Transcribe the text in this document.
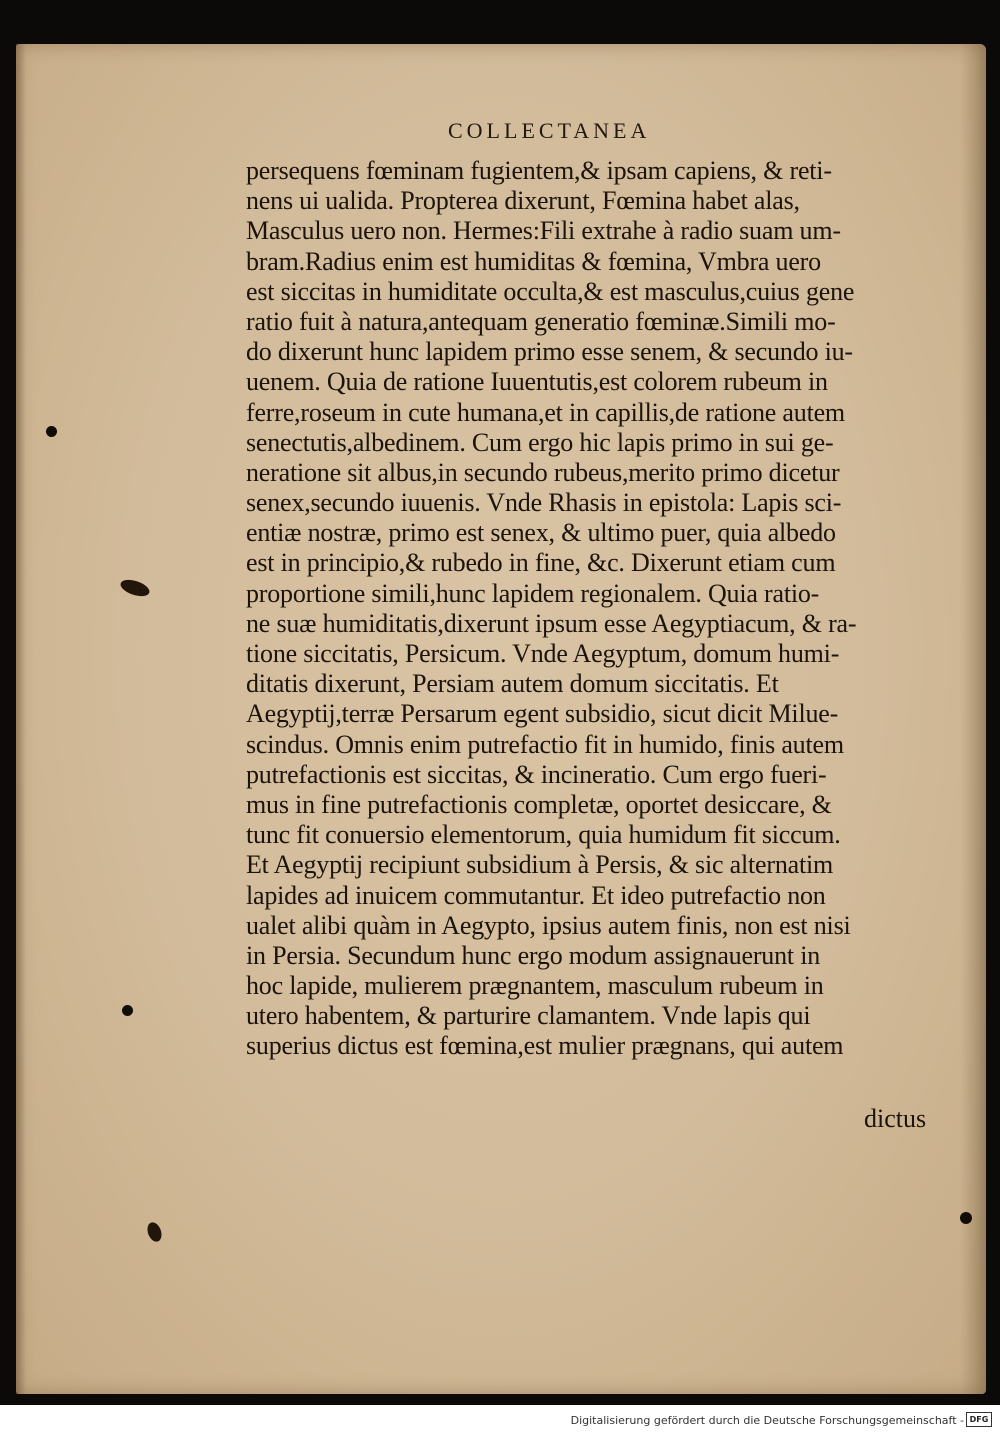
COLLECTANEA

persequens fœminam fugientem,& ipsam capiens, & reti-

nens ui ualida. Propterea dixerunt, Fœmina habet alas,

Masculus uero non. Hermes:Fili extrahe à radio suam um-

bram.Radius enim est humiditas & fœmina, Vmbra uero

est siccitas in humiditate occulta,& est masculus,cuius gene

ratio fuit à natura,antequam generatio fœminæ.Simili mo-

do dixerunt hunc lapidem primo esse senem, & secundo iu-

uenem. Quia de ratione Iuuentutis,est colorem rubeum in

ferre,roseum in cute humana,et in capillis,de ratione autem

senectutis,albedinem. Cum ergo hic lapis primo in sui ge-

neratione sit albus,in secundo rubeus,merito primo dicetur

senex,secundo iuuenis. Vnde Rhasis in epistola: Lapis sci-

entiæ nostræ, primo est senex, & ultimo puer, quia albedo

est in principio,& rubedo in fine, &c. Dixerunt etiam cum

proportione simili,hunc lapidem regionalem. Quia ratio-

ne suæ humiditatis,dixerunt ipsum esse Aegyptiacum, & ra-

tione siccitatis, Persicum. Vnde Aegyptum, domum humi-

ditatis dixerunt, Persiam autem domum siccitatis. Et

Aegyptij,terræ Persarum egent subsidio, sicut dicit Milue-

scindus. Omnis enim putrefactio fit in humido, finis autem

putrefactionis est siccitas, & incineratio. Cum ergo fueri-

mus in fine putrefactionis completæ, oportet desiccare, &

tunc fit conuersio elementorum, quia humidum fit siccum.

Et Aegyptij recipiunt subsidium à Persis, & sic alternatim

lapides ad inuicem commutantur. Et ideo putrefactio non

ualet alibi quàm in Aegypto, ipsius autem finis, non est nisi

in Persia. Secundum hunc ergo modum assignauerunt in

hoc lapide, mulierem prægnantem, masculum rubeum in

utero habentem, & parturire clamantem. Vnde lapis qui

superius dictus est fœmina,est mulier prægnans, qui autem

dictus

Digitalisierung gefördert durch die Deutsche Forschungsgemeinschaft - DFG
